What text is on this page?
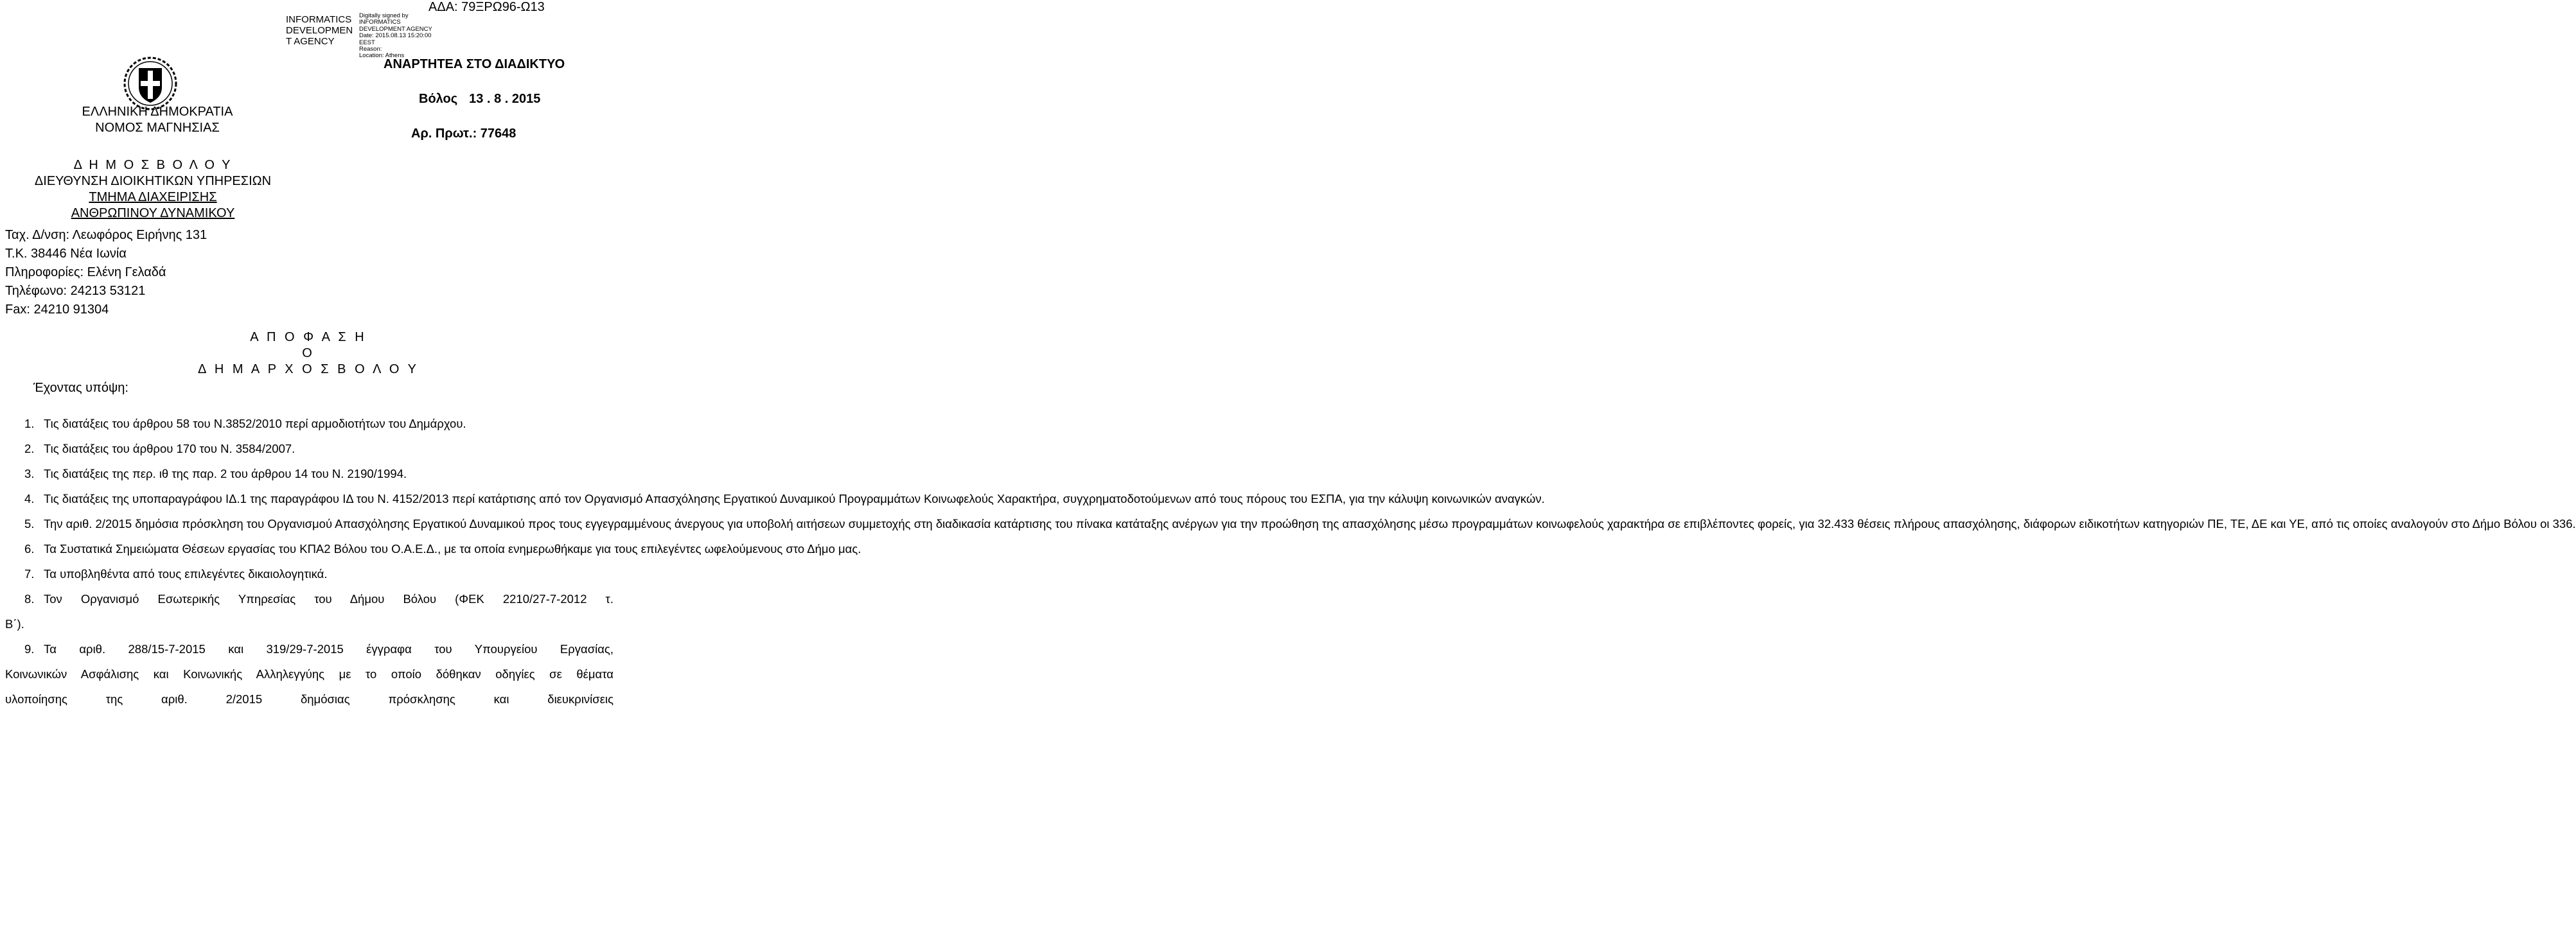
ΑΔΑ: 79ΞΡΩ96-Ω13
INFORMATICS
DEVELOPMEN
T AGENCY
Digitally signed by
INFORMATICS
DEVELOPMENT AGENCY
Date: 2015.08.13 15:20:00
EEST
Reason:
Location: Athens
ΑΝΑΡΤΗΤΕΑ ΣΤΟ ΔΙΑΔΙΚΤΥΟ
Βόλος 13 . 8 . 2015
Αρ. Πρωτ.: 77648
ΕΛΛΗΝΙΚΗ ΔΗΜΟΚΡΑΤΙΑ
ΝΟΜΟΣ ΜΑΓΝΗΣΙΑΣ
Δ Η Μ Ο Σ Β Ο Λ Ο Υ
ΔΙΕΥΘΥΝΣΗ ΔΙΟΙΚΗΤΙΚΩΝ ΥΠΗΡΕΣΙΩΝ
ΤΜΗΜΑ ΔΙΑΧΕΙΡΙΣΗΣ
ΑΝΘΡΩΠΙΝΟΥ ΔΥΝΑΜΙΚΟΥ
Ταχ. Δ/νση: Λεωφόρος Ειρήνης 131
Τ.Κ. 38446 Νέα Ιωνία
Πληροφορίες: Ελένη Γελαδά
Τηλέφωνο: 24213 53121
Fax: 24210 91304
Α Π Ο Φ Α Σ Η
Ο
Δ Η Μ Α Ρ Χ Ο Σ Β Ο Λ Ο Υ
Έχοντας υπόψη:

1. Τις διατάξεις του άρθρου 58 του Ν.3852/2010 περί αρμοδιοτήτων του Δημάρχου.

2. Τις διατάξεις του άρθρου 170 του Ν. 3584/2007.

3. Τις διατάξεις της περ. ιθ της παρ. 2 του άρθρου 14 του Ν. 2190/1994.

4. Τις διατάξεις της υποπαραγράφου ΙΔ.1 της παραγράφου ΙΔ του Ν. 4152/2013 περί κατάρτισης από τον Οργανισμό Απασχόλησης Εργατικού Δυναμικού Προγραμμάτων Κοινωφελούς Χαρακτήρα, συγχρηματοδοτούμενων από τους πόρους του ΕΣΠΑ, για την κάλυψη κοινωνικών αναγκών.

5. Την αριθ. 2/2015 δημόσια πρόσκληση του Οργανισμού Απασχόλησης Εργατικού Δυναμικού προς τους εγγεγραμμένους άνεργους για υποβολή αιτήσεων συμμετοχής στη διαδικασία κατάρτισης του πίνακα κατάταξης ανέργων για την προώθηση της απασχόλησης μέσω προγραμμάτων κοινωφελούς χαρακτήρα σε επιβλέποντες φορείς, για 32.433 θέσεις πλήρους απασχόλησης, διάφορων ειδικοτήτων κατηγοριών ΠΕ, ΤΕ, ΔΕ και ΥΕ, από τις οποίες αναλογούν στο Δήμο Βόλου οι 336.

6. Τα Συστατικά Σημειώματα Θέσεων εργασίας του ΚΠΑ2 Βόλου του Ο.Α.Ε.Δ., με τα οποία ενημερωθήκαμε για τους επιλεγέντες ωφελούμενους στο Δήμο μας.

7. Τα υποβληθέντα από τους επιλεγέντες δικαιολογητικά.

8. Τον Οργανισμό Εσωτερικής Υπηρεσίας του Δήμου Βόλου (ΦΕΚ 2210/27-7-2012 τ.

Β΄).

9. Τα αριθ. 288/15-7-2015 και 319/29-7-2015 έγγραφα του Υπουργείου Εργασίας,

Κοινωνικών Ασφάλισης και Κοινωνικής Αλληλεγγύης με το οποίο δόθηκαν οδηγίες σε θέματα

υλοποίησης της αριθ. 2/2015 δημόσιας πρόσκλησης και διευκρινίσεις
